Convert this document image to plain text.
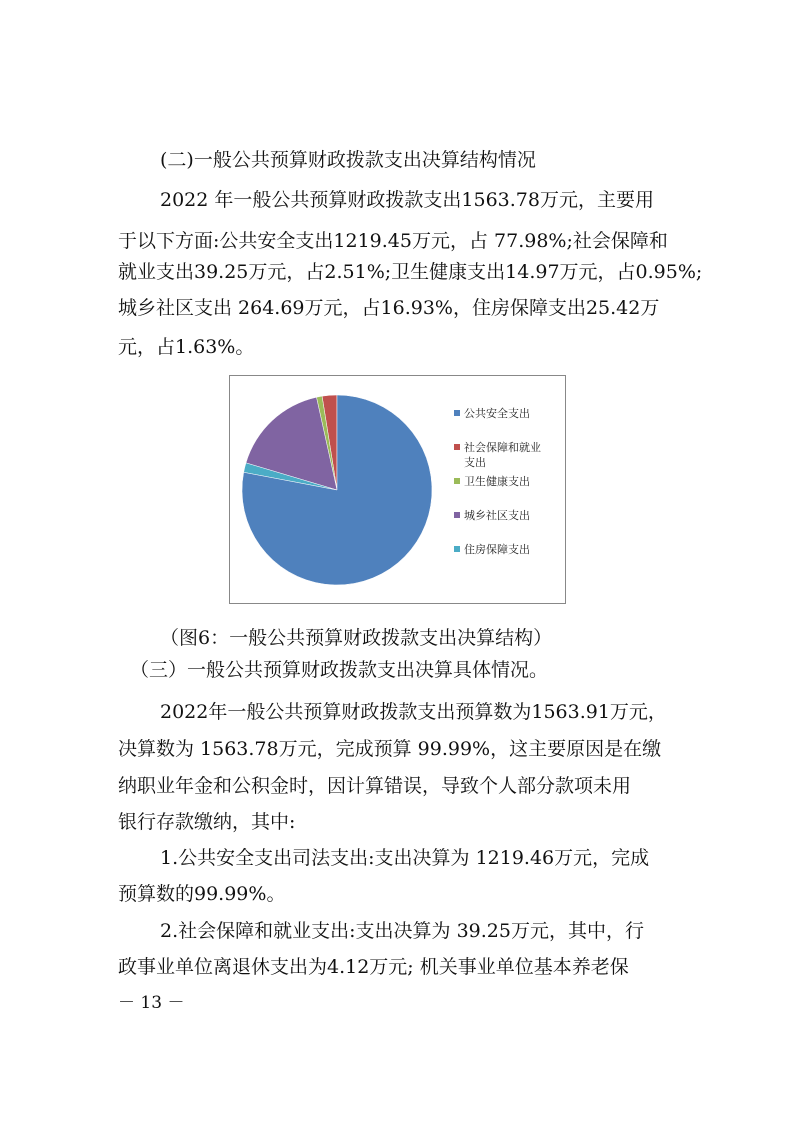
(二)一般公共预算财政拨款支出决算结构情况
2022 年一般公共预算财政拨款支出1563.78万元，主要用
于以下方面:公共安全支出1219.45万元，占 77.98%;社会保障和
就业支出39.25万元，占2.51%;卫生健康支出14.97万元，占0.95%;
城乡社区支出 264.69万元，占16.93%，住房保障支出25.42万
元，占1.63%。
公共安全支出
社会保障和就业
支出
卫生健康支出
城乡社区支出
住房保障支出
（图6：一般公共预算财政拨款支出决算结构）
（三）一般公共预算财政拨款支出决算具体情况。
2022年一般公共预算财政拨款支出预算数为1563.91万元，
决算数为 1563.78万元，完成预算 99.99%，这主要原因是在缴
纳职业年金和公积金时，因计算错误，导致个人部分款项未用
银行存款缴纳，其中:
1.公共安全支出司法支出:支出决算为 1219.46万元，完成
预算数的99.99%。
2.社会保障和就业支出:支出决算为 39.25万元，其中，行
政事业单位离退休支出为4.12万元; 机关事业单位基本养老保
－ 13 －
